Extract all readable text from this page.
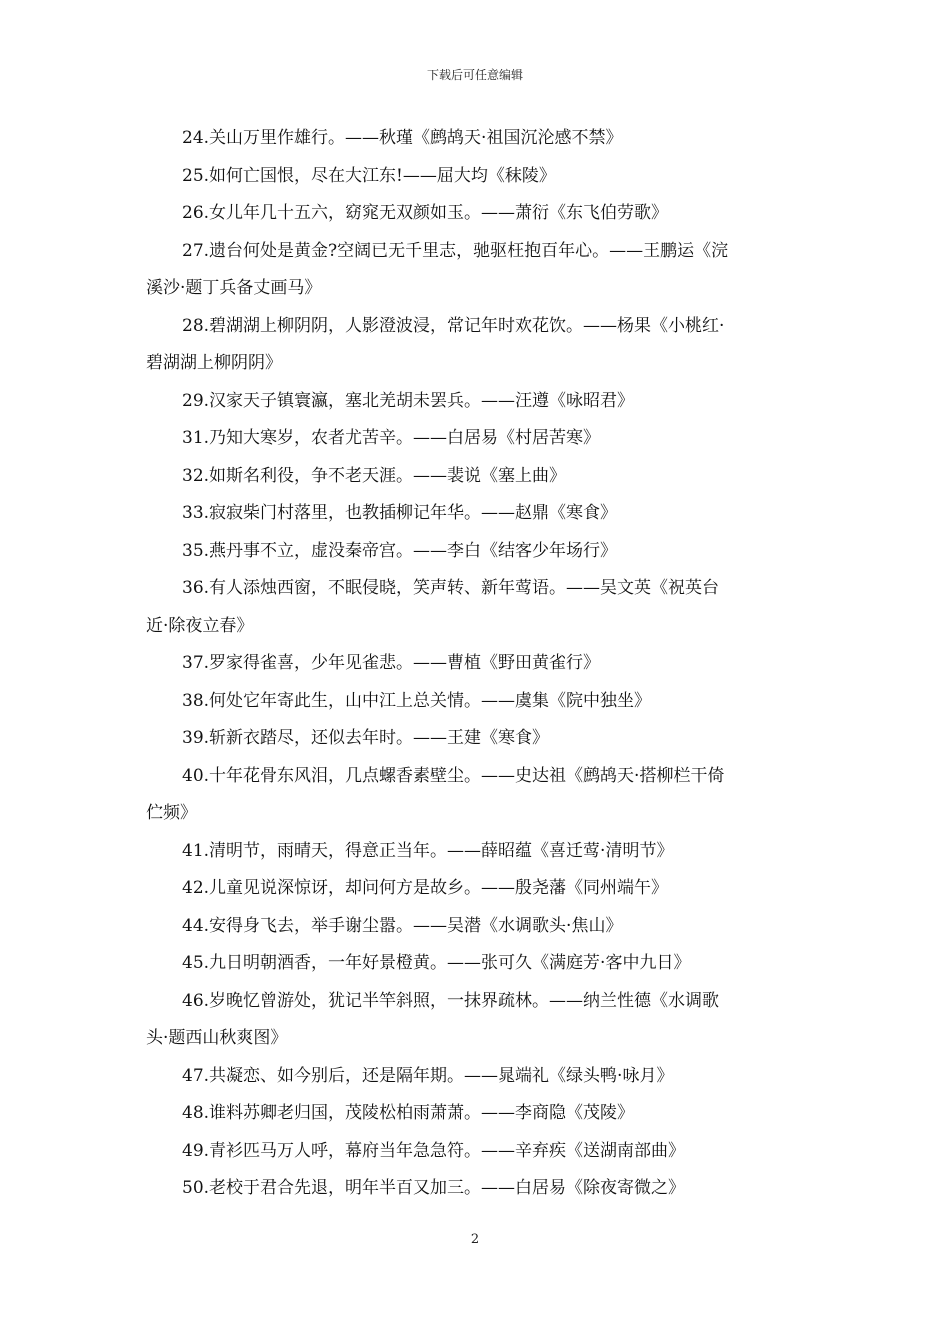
下载后可任意编辑
24.关山万里作雄行。——秋瑾《鹧鸪天·祖国沉沦感不禁》
25.如何亡国恨，尽在大江东!——屈大均《秣陵》
26.女儿年几十五六，窈窕无双颜如玉。——萧衍《东飞伯劳歌》
27.遗台何处是黄金?空阔已无千里志，驰驱枉抱百年心。——王鹏运《浣
溪沙·题丁兵备丈画马》
28.碧湖湖上柳阴阴，人影澄波浸，常记年时欢花饮。——杨果《小桃红·
碧湖湖上柳阴阴》
29.汉家天子镇寰瀛，塞北羌胡未罢兵。——汪遵《咏昭君》
31.乃知大寒岁，农者尤苦辛。——白居易《村居苦寒》
32.如斯名利役，争不老天涯。——裴说《塞上曲》
33.寂寂柴门村落里，也教插柳记年华。——赵鼎《寒食》
35.燕丹事不立，虚没秦帝宫。——李白《结客少年场行》
36.有人添烛西窗，不眠侵晓，笑声转、新年莺语。——吴文英《祝英台
近·除夜立春》
37.罗家得雀喜，少年见雀悲。——曹植《野田黄雀行》
38.何处它年寄此生，山中江上总关情。——虞集《院中独坐》
39.斩新衣踏尽，还似去年时。——王建《寒食》
40.十年花骨东风泪，几点螺香素壁尘。——史达祖《鹧鸪天·搭柳栏干倚
伫频》
41.清明节，雨晴天，得意正当年。——薛昭蕴《喜迁莺·清明节》
42.儿童见说深惊讶，却问何方是故乡。——殷尧藩《同州端午》
44.安得身飞去，举手谢尘嚣。——吴潜《水调歌头·焦山》
45.九日明朝酒香，一年好景橙黄。——张可久《满庭芳·客中九日》
46.岁晚忆曾游处，犹记半竿斜照，一抹界疏林。——纳兰性德《水调歌
头·题西山秋爽图》
47.共凝恋、如今别后，还是隔年期。——晁端礼《绿头鸭·咏月》
48.谁料苏卿老归国，茂陵松柏雨萧萧。——李商隐《茂陵》
49.青衫匹马万人呼，幕府当年急急符。——辛弃疾《送湖南部曲》
50.老校于君合先退，明年半百又加三。——白居易《除夜寄微之》
2
